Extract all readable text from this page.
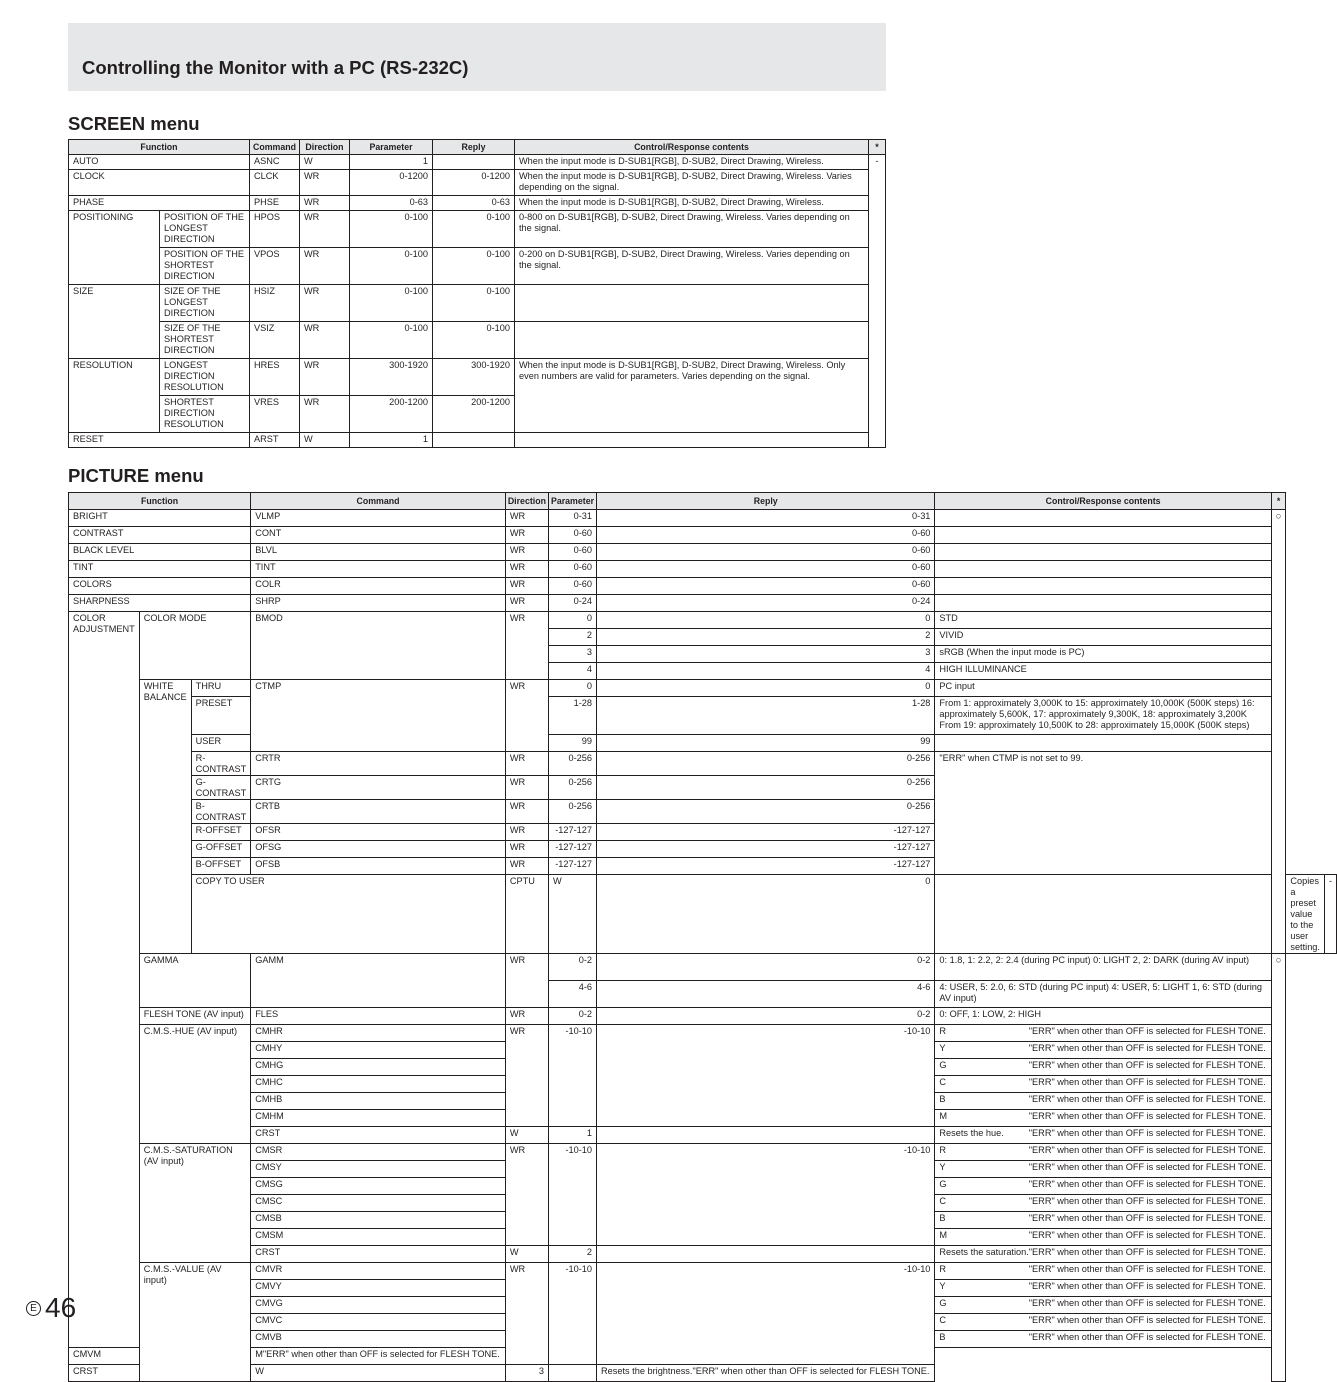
Controlling the Monitor with a PC (RS-232C)
SCREEN menu
Function		Command	Direction	Parameter	Reply	Control/Response contents	*
AUTO		ASNC	W	1		When the input mode is D-SUB1[RGB], D-SUB2, Direct Drawing, Wireless.	-
CLOCK		CLCK	WR	0-1200	0-1200	When the input mode is D-SUB1[RGB], D-SUB2, Direct Drawing, Wireless. Varies depending on the signal.	
PHASE		PHSE	WR	0-63	0-63	When the input mode is D-SUB1[RGB], D-SUB2, Direct Drawing, Wireless.	
POSITIONING	POSITION OF THE LONGEST DIRECTION	HPOS	WR	0-100	0-100	0-800 on D-SUB1[RGB], D-SUB2, Direct Drawing, Wireless. Varies depending on the signal.	
	POSITION OF THE SHORTEST DIRECTION	VPOS	WR	0-100	0-100	0-200 on D-SUB1[RGB], D-SUB2, Direct Drawing, Wireless. Varies depending on the signal.	
SIZE	SIZE OF THE LONGEST DIRECTION	HSIZ	WR	0-100	0-100		
	SIZE OF THE SHORTEST DIRECTION	VSIZ	WR	0-100	0-100		
RESOLUTION	LONGEST DIRECTION RESOLUTION	HRES	WR	300-1920	300-1920	When the input mode is D-SUB1[RGB], D-SUB2, Direct Drawing, Wireless. Only even numbers are valid for parameters. Varies depending on the signal.	
	SHORTEST DIRECTION RESOLUTION	VRES	WR	200-1200	200-1200		
RESET		ARST	W	1			
PICTURE menu
Function			Command	Direction	Parameter	Reply	Control/Response contents	*		
BRIGHT			VLMP	WR	0-31	0-31		○		
CONTRAST			CONT	WR	0-60	0-60				
BLACK LEVEL			BLVL	WR	0-60	0-60				
TINT			TINT	WR	0-60	0-60				
COLORS			COLR	WR	0-60	0-60				
SHARPNESS			SHRP	WR	0-24	0-24				
COLOR ADJUSTMENT	COLOR MODE		BMOD	WR	0	0	STD			
					2	2	VIVID			
					3	3	sRGB (When the input mode is PC)			
					4	4	HIGH ILLUMINANCE			
	WHITE BALANCE	THRU	CTMP	WR	0	0	PC input			
		PRESET			1-28	1-28	From 1: approximately 3,000K to 15: approximately 10,000K (500K steps) 16: approximately 5,600K, 17: approximately 9,300K, 18: approximately 3,200K From 19: approximately 10,500K to 28: approximately 15,000K (500K steps)			
		USER			99	99				
		R-CONTRAST	CRTR	WR	0-256	0-256	"ERR" when CTMP is not set to 99.			
		G-CONTRAST	CRTG	WR	0-256	0-256				
		B-CONTRAST	CRTB	WR	0-256	0-256				
		R-OFFSET	OFSR	WR	-127-127	-127-127				
		G-OFFSET	OFSG	WR	-127-127	-127-127				
		B-OFFSET	OFSB	WR	-127-127	-127-127				
		COPY TO USER		CPTU	W	0			Copies a preset value to the user setting.	-
	GAMMA		GAMM	WR	0-2	0-2	0: 1.8, 1: 2.2, 2: 2.4 (during PC input) 0: LIGHT 2, 2: DARK (during AV input)	○		
					4-6	4-6	4: USER, 5: 2.0, 6: STD (during PC input) 4: USER, 5: LIGHT 1, 6: STD (during AV input)			
	FLESH TONE (AV input)		FLES	WR	0-2	0-2	0: OFF, 1: LOW, 2: HIGH			
	C.M.S.-HUE (AV input)		CMHR	WR	-10-10	-10-10	R "ERR" when other than OFF is selected for FLESH TONE.			

			CMHY				Y "ERR" when other than OFF is selected for FLESH TONE.			

			CMHG				G "ERR" when other than OFF is selected for FLESH TONE.			

			CMHC				C "ERR" when other than OFF is selected for FLESH TONE.			

			CMHB				B "ERR" when other than OFF is selected for FLESH TONE.			

			CMHM				M "ERR" when other than OFF is selected for FLESH TONE.			

			CRST	W	1		Resets the hue. "ERR" when other than OFF is selected for FLESH TONE.			

	C.M.S.-SATURATION (AV input)		CMSR	WR	-10-10	-10-10	R "ERR" when other than OFF is selected for FLESH TONE.			

			CMSY				Y "ERR" when other than OFF is selected for FLESH TONE.			

			CMSG				G "ERR" when other than OFF is selected for FLESH TONE.			

			CMSC				C "ERR" when other than OFF is selected for FLESH TONE.			

			CMSB				B "ERR" when other than OFF is selected for FLESH TONE.			

			CMSM				M "ERR" when other than OFF is selected for FLESH TONE.			

			CRST	W	2		Resets the saturation. "ERR" when other than OFF is selected for FLESH TONE.			

	C.M.S.-VALUE (AV input)		CMVR	WR	-10-10	-10-10	R "ERR" when other than OFF is selected for FLESH TONE.			

			CMVY				Y "ERR" when other than OFF is selected for FLESH TONE.			

			CMVG				G "ERR" when other than OFF is selected for FLESH TONE.			

			CMVC				C "ERR" when other than OFF is selected for FLESH TONE.			

			CMVB				B "ERR" when other than OFF is selected for FLESH TONE.			

CMVM			M "ERR" when other than OFF is selected for FLESH TONE.							

CRST			W	3		Resets the brightness. "ERR" when other than OFF is selected for FLESH TONE.				
E 46
